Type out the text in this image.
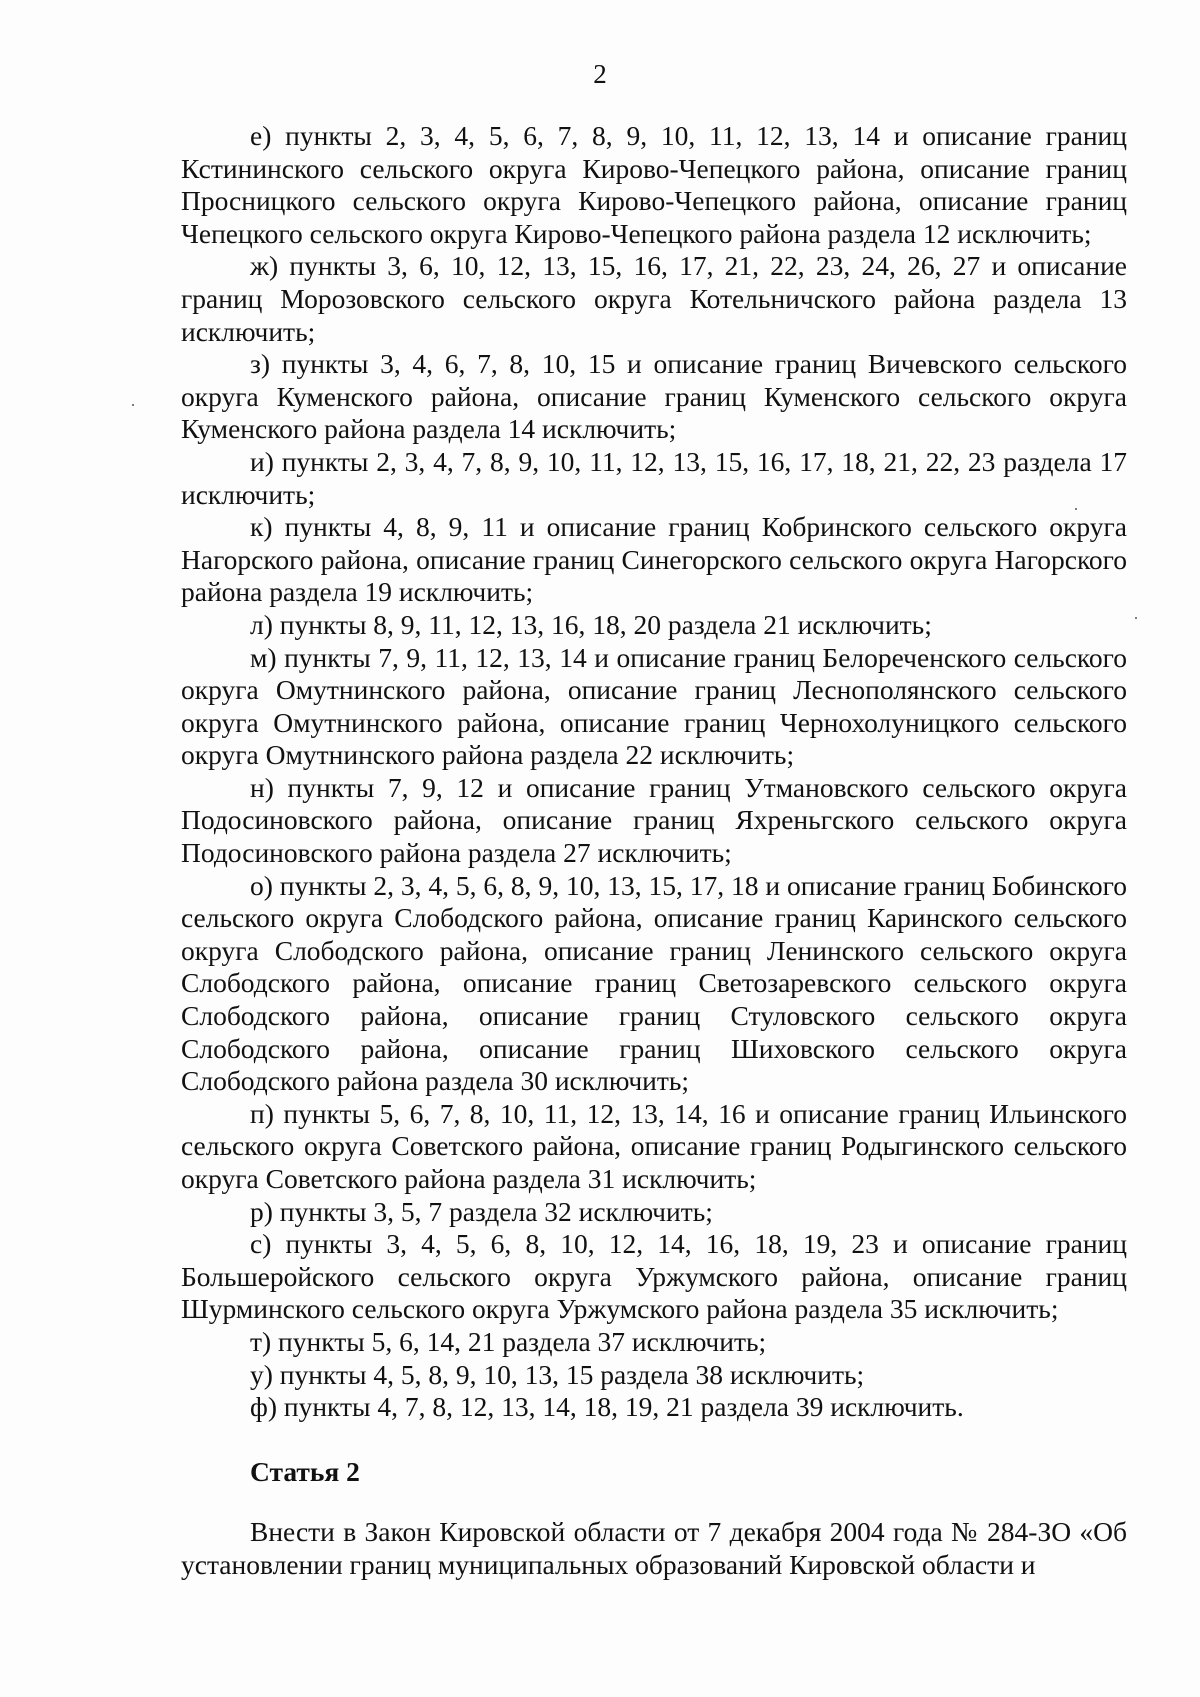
2

е) пункты 2, 3, 4, 5, 6, 7, 8, 9, 10, 11, 12, 13, 14 и описание границ Кстининского сельского округа Кирово-Чепецкого района, описание границ Просницкого сельского округа Кирово-Чепецкого района, описание границ Чепецкого сельского округа Кирово-Чепецкого района раздела 12 исключить;

ж) пункты 3, 6, 10, 12, 13, 15, 16, 17, 21, 22, 23, 24, 26, 27 и описание границ Морозовского сельского округа Котельничского района раздела 13 исключить;

з) пункты 3, 4, 6, 7, 8, 10, 15 и описание границ Вичевского сельского округа Куменского района, описание границ Куменского сельского округа Куменского района раздела 14 исключить;

и) пункты 2, 3, 4, 7, 8, 9, 10, 11, 12, 13, 15, 16, 17, 18, 21, 22, 23 раздела 17 исключить;

к) пункты 4, 8, 9, 11 и описание границ Кобринского сельского округа Нагорского района, описание границ Синегорского сельского округа Нагорского района раздела 19 исключить;

л) пункты 8, 9, 11, 12, 13, 16, 18, 20 раздела 21 исключить;

м) пункты 7, 9, 11, 12, 13, 14 и описание границ Белореченского сельского округа Омутнинского района, описание границ Леснополянского сельского округа Омутнинского района, описание границ Чернохолуницкого сельского округа Омутнинского района раздела 22 исключить;

н) пункты 7, 9, 12 и описание границ Утмановского сельского округа Подосиновского района, описание границ Яхреньгского сельского округа Подосиновского района раздела 27 исключить;

о) пункты 2, 3, 4, 5, 6, 8, 9, 10, 13, 15, 17, 18 и описание границ Бобинского сельского округа Слободского района, описание границ Каринского сельского округа Слободского района, описание границ Ленинского сельского округа Слободского района, описание границ Светозаревского сельского округа Слободского района, описание границ Стуловского сельского округа Слободского района, описание границ Шиховского сельского округа Слободского района раздела 30 исключить;

п) пункты 5, 6, 7, 8, 10, 11, 12, 13, 14, 16 и описание границ Ильинского сельского округа Советского района, описание границ Родыгинского сельского округа Советского района раздела 31 исключить;

р) пункты 3, 5, 7 раздела 32 исключить;

с) пункты 3, 4, 5, 6, 8, 10, 12, 14, 16, 18, 19, 23 и описание границ Большеройского сельского округа Уржумского района, описание границ Шурминского сельского округа Уржумского района раздела 35 исключить;

т) пункты 5, 6, 14, 21 раздела 37 исключить;

у) пункты 4, 5, 8, 9, 10, 13, 15 раздела 38 исключить;

ф) пункты 4, 7, 8, 12, 13, 14, 18, 19, 21 раздела 39 исключить.

Статья 2

Внести в Закон Кировской области от 7 декабря 2004 года № 284-ЗО «Об установлении границ муниципальных образований Кировской области и
